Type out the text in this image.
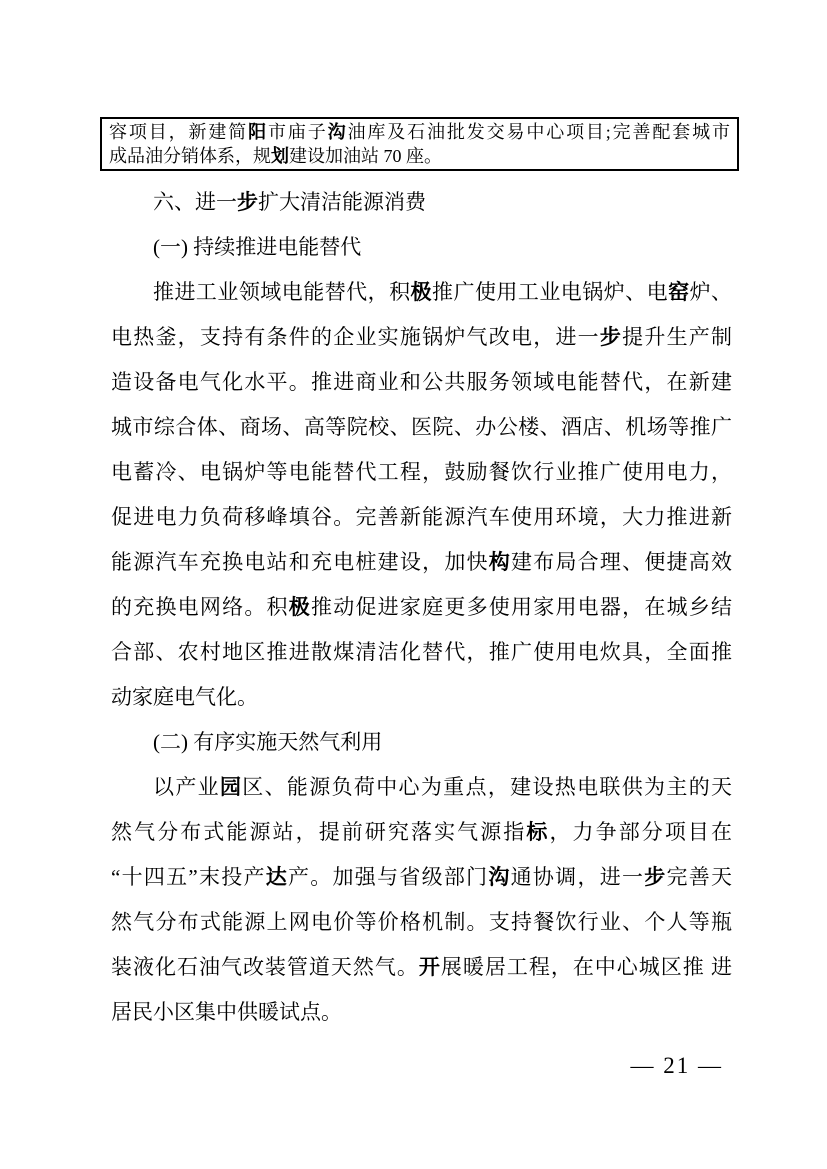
容项目，新建简阳市庙子沟油库及石油批发交易中心项目;完善配套城市
成品油分销体系，规划建设加油站 70 座。
六、进一步扩大清洁能源消费
(一) 持续推进电能替代
推进工业领域电能替代，积极推广使用工业电锅炉、电窑炉、
电热釜，支持有条件的企业实施锅炉气改电，进一步提升生产制
造设备电气化水平。推进商业和公共服务领域电能替代，在新建
城市综合体、商场、高等院校、医院、办公楼、酒店、机场等推广
电蓄冷、电锅炉等电能替代工程，鼓励餐饮行业推广使用电力，
促进电力负荷移峰填谷。完善新能源汽车使用环境，大力推进新
能源汽车充换电站和充电桩建设，加快构建布局合理、便捷高效
的充换电网络。积极推动促进家庭更多使用家用电器，在城乡结
合部、农村地区推进散煤清洁化替代，推广使用电炊具，全面推
动家庭电气化。
(二) 有序实施天然气利用
以产业园区、能源负荷中心为重点，建设热电联供为主的天
然气分布式能源站，提前研究落实气源指标，力争部分项目在
“十四五”末投产达产。加强与省级部门沟通协调，进一步完善天
然气分布式能源上网电价等价格机制。支持餐饮行业、个人等瓶
装液化石油气改装管道天然气。开展暖居工程，在中心城区推 进
居民小区集中供暖试点。
— 21 —
